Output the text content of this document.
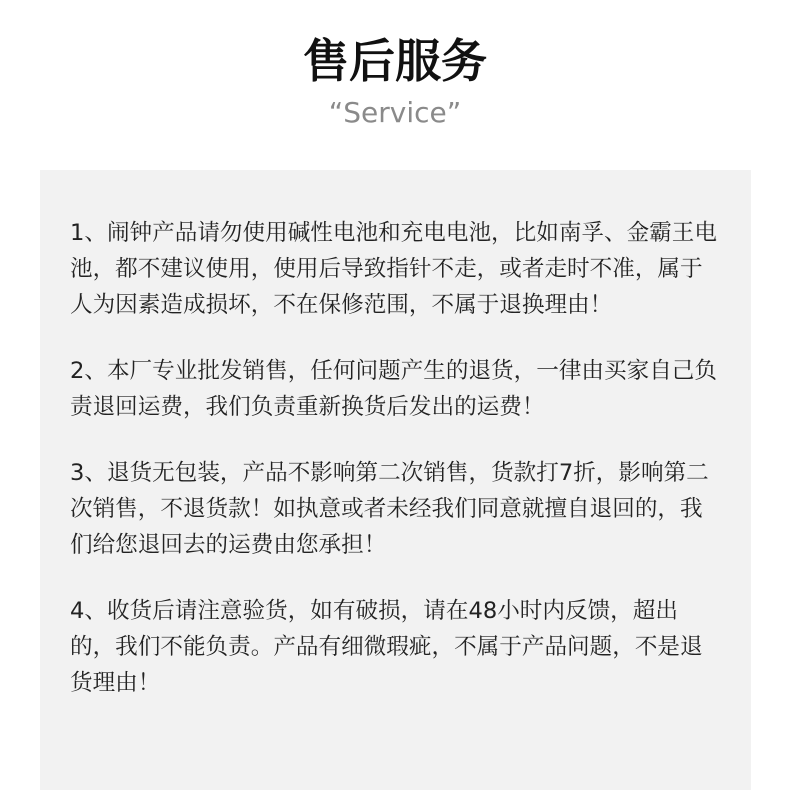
售后服务
“Service”

1、闹钟产品请勿使用碱性电池和充电电池，比如南孚、金霸王电池，都不建议使用，使用后导致指针不走，或者走时不准，属于人为因素造成损坏，不在保修范围，不属于退换理由！

2、本厂专业批发销售，任何问题产生的退货，一律由买家自己负责退回运费，我们负责重新换货后发出的运费！

3、退货无包装，产品不影响第二次销售，货款打7折，影响第二次销售，不退货款！如执意或者未经我们同意就擅自退回的，我们给您退回去的运费由您承担！

4、收货后请注意验货，如有破损，请在48小时内反馈，超出的，我们不能负责。产品有细微瑕疵，不属于产品问题，不是退货理由！
